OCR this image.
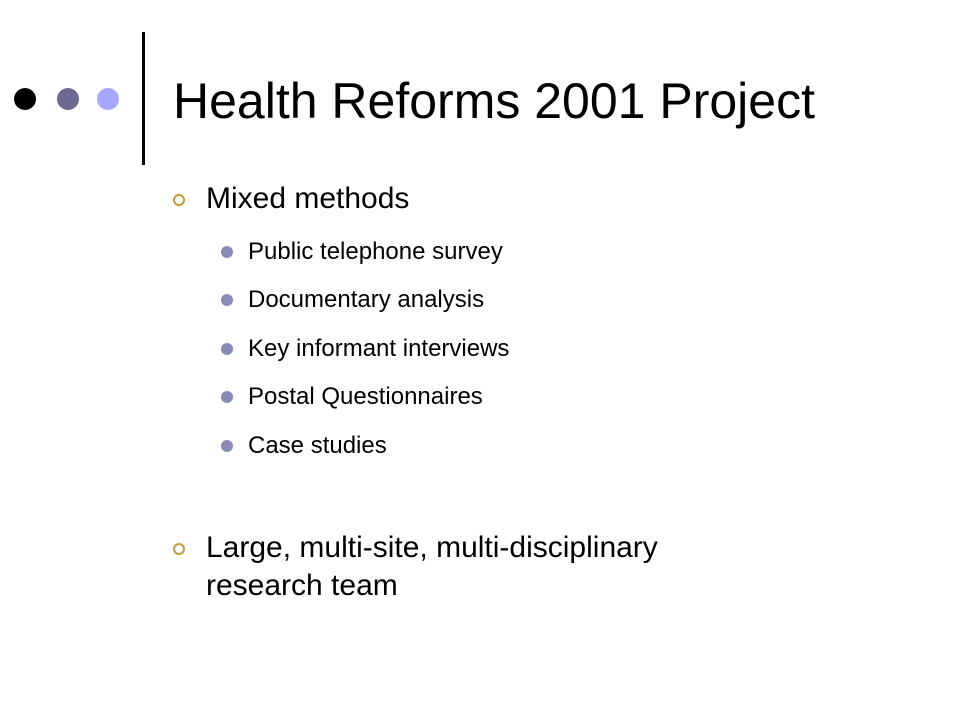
Health Reforms 2001 Project
Mixed methods
Public telephone survey
Documentary analysis
Key informant interviews
Postal Questionnaires
Case studies
Large, multi-site, multi-disciplinary
research team
